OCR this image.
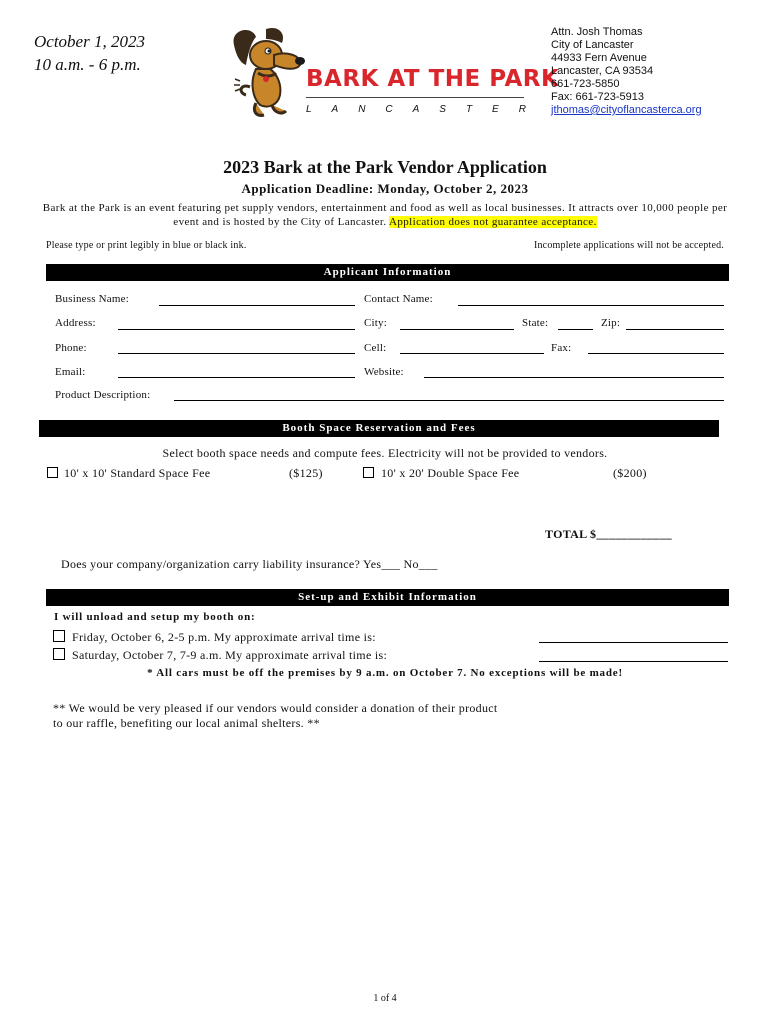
October 1, 2023
10 a.m. - 6 p.m.
BARK AT THE PARK
L A N C A S T E R
Attn. Josh Thomas
City of Lancaster
44933 Fern Avenue
Lancaster, CA 93534
661-723-5850
Fax: 661-723-5913
jthomas@cityoflancasterca.org
2023 Bark at the Park Vendor Application
Application Deadline: Monday, October 2, 2023
Bark at the Park is an event featuring pet supply vendors, entertainment and food as well as local businesses. It attracts over 10,000 people per event and is hosted by the City of Lancaster. Application does not guarantee acceptance.
Please type or print legibly in blue or black ink.	Incomplete applications will not be accepted.
Applicant Information
Business Name:	Contact Name:
Address:	City:	State:	Zip:
Phone:	Cell:	Fax:
Email:	Website:
Product Description:
Booth Space Reservation and Fees
Select booth space needs and compute fees. Electricity will not be provided to vendors.
10' x 10' Standard Space Fee	($125)	10' x 20' Double Space Fee	($200)
TOTAL $____________
Does your company/organization carry liability insurance? Yes___ No___
Set-up and Exhibit Information
I will unload and setup my booth on:
Friday, October 6, 2-5 p.m. My approximate arrival time is:
Saturday, October 7, 7-9 a.m. My approximate arrival time is:
* All cars must be off the premises by 9 a.m. on October 7. No exceptions will be made!
** We would be very pleased if our vendors would consider a donation of their product
to our raffle, benefiting our local animal shelters. **
1 of 4
